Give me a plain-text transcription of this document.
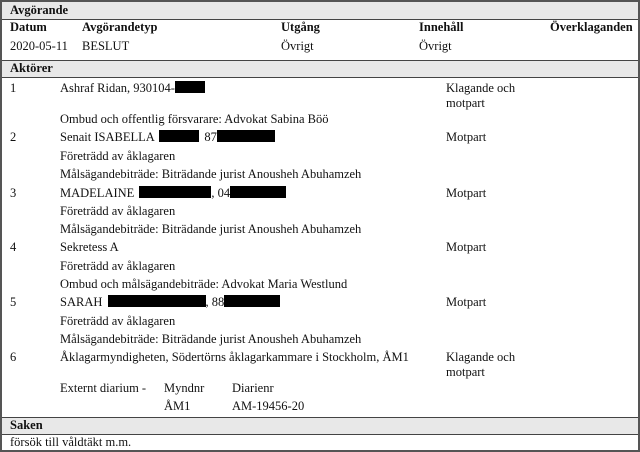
Avgörande
Datum	Avgörandetyp	Utgång	Innehåll	Överklaganden
2020-05-11 BESLUT	Övrigt	Övrigt
Aktörer
1	Ashraf Ridan, 930104-	Klagande och motpart
Ombud och offentlig försvarare: Advokat Sabina Böö
2	Senait ISABELLA	87	Motpart
Företrädd av åklagaren
Målsägandebiträde: Biträdande jurist Anousheh Abuhamzeh
3	MADELAINE	, 04	Motpart
Företrädd av åklagaren
Målsägandebiträde: Biträdande jurist Anousheh Abuhamzeh
4	Sekretess A	Motpart
Företrädd av åklagaren
Ombud och målsägandebiträde: Advokat Maria Westlund
5	SARAH	, 88	Motpart
Företrädd av åklagaren
Målsägandebiträde: Biträdande jurist Anousheh Abuhamzeh
6	Åklagarmyndigheten, Södertörns åklagarkammare i Stockholm, ÅM1	Klagande och motpart
Externt diarium - Myndnr Diarienr
ÅM1	AM-19456-20
Saken
försök till våldtäkt m.m.
